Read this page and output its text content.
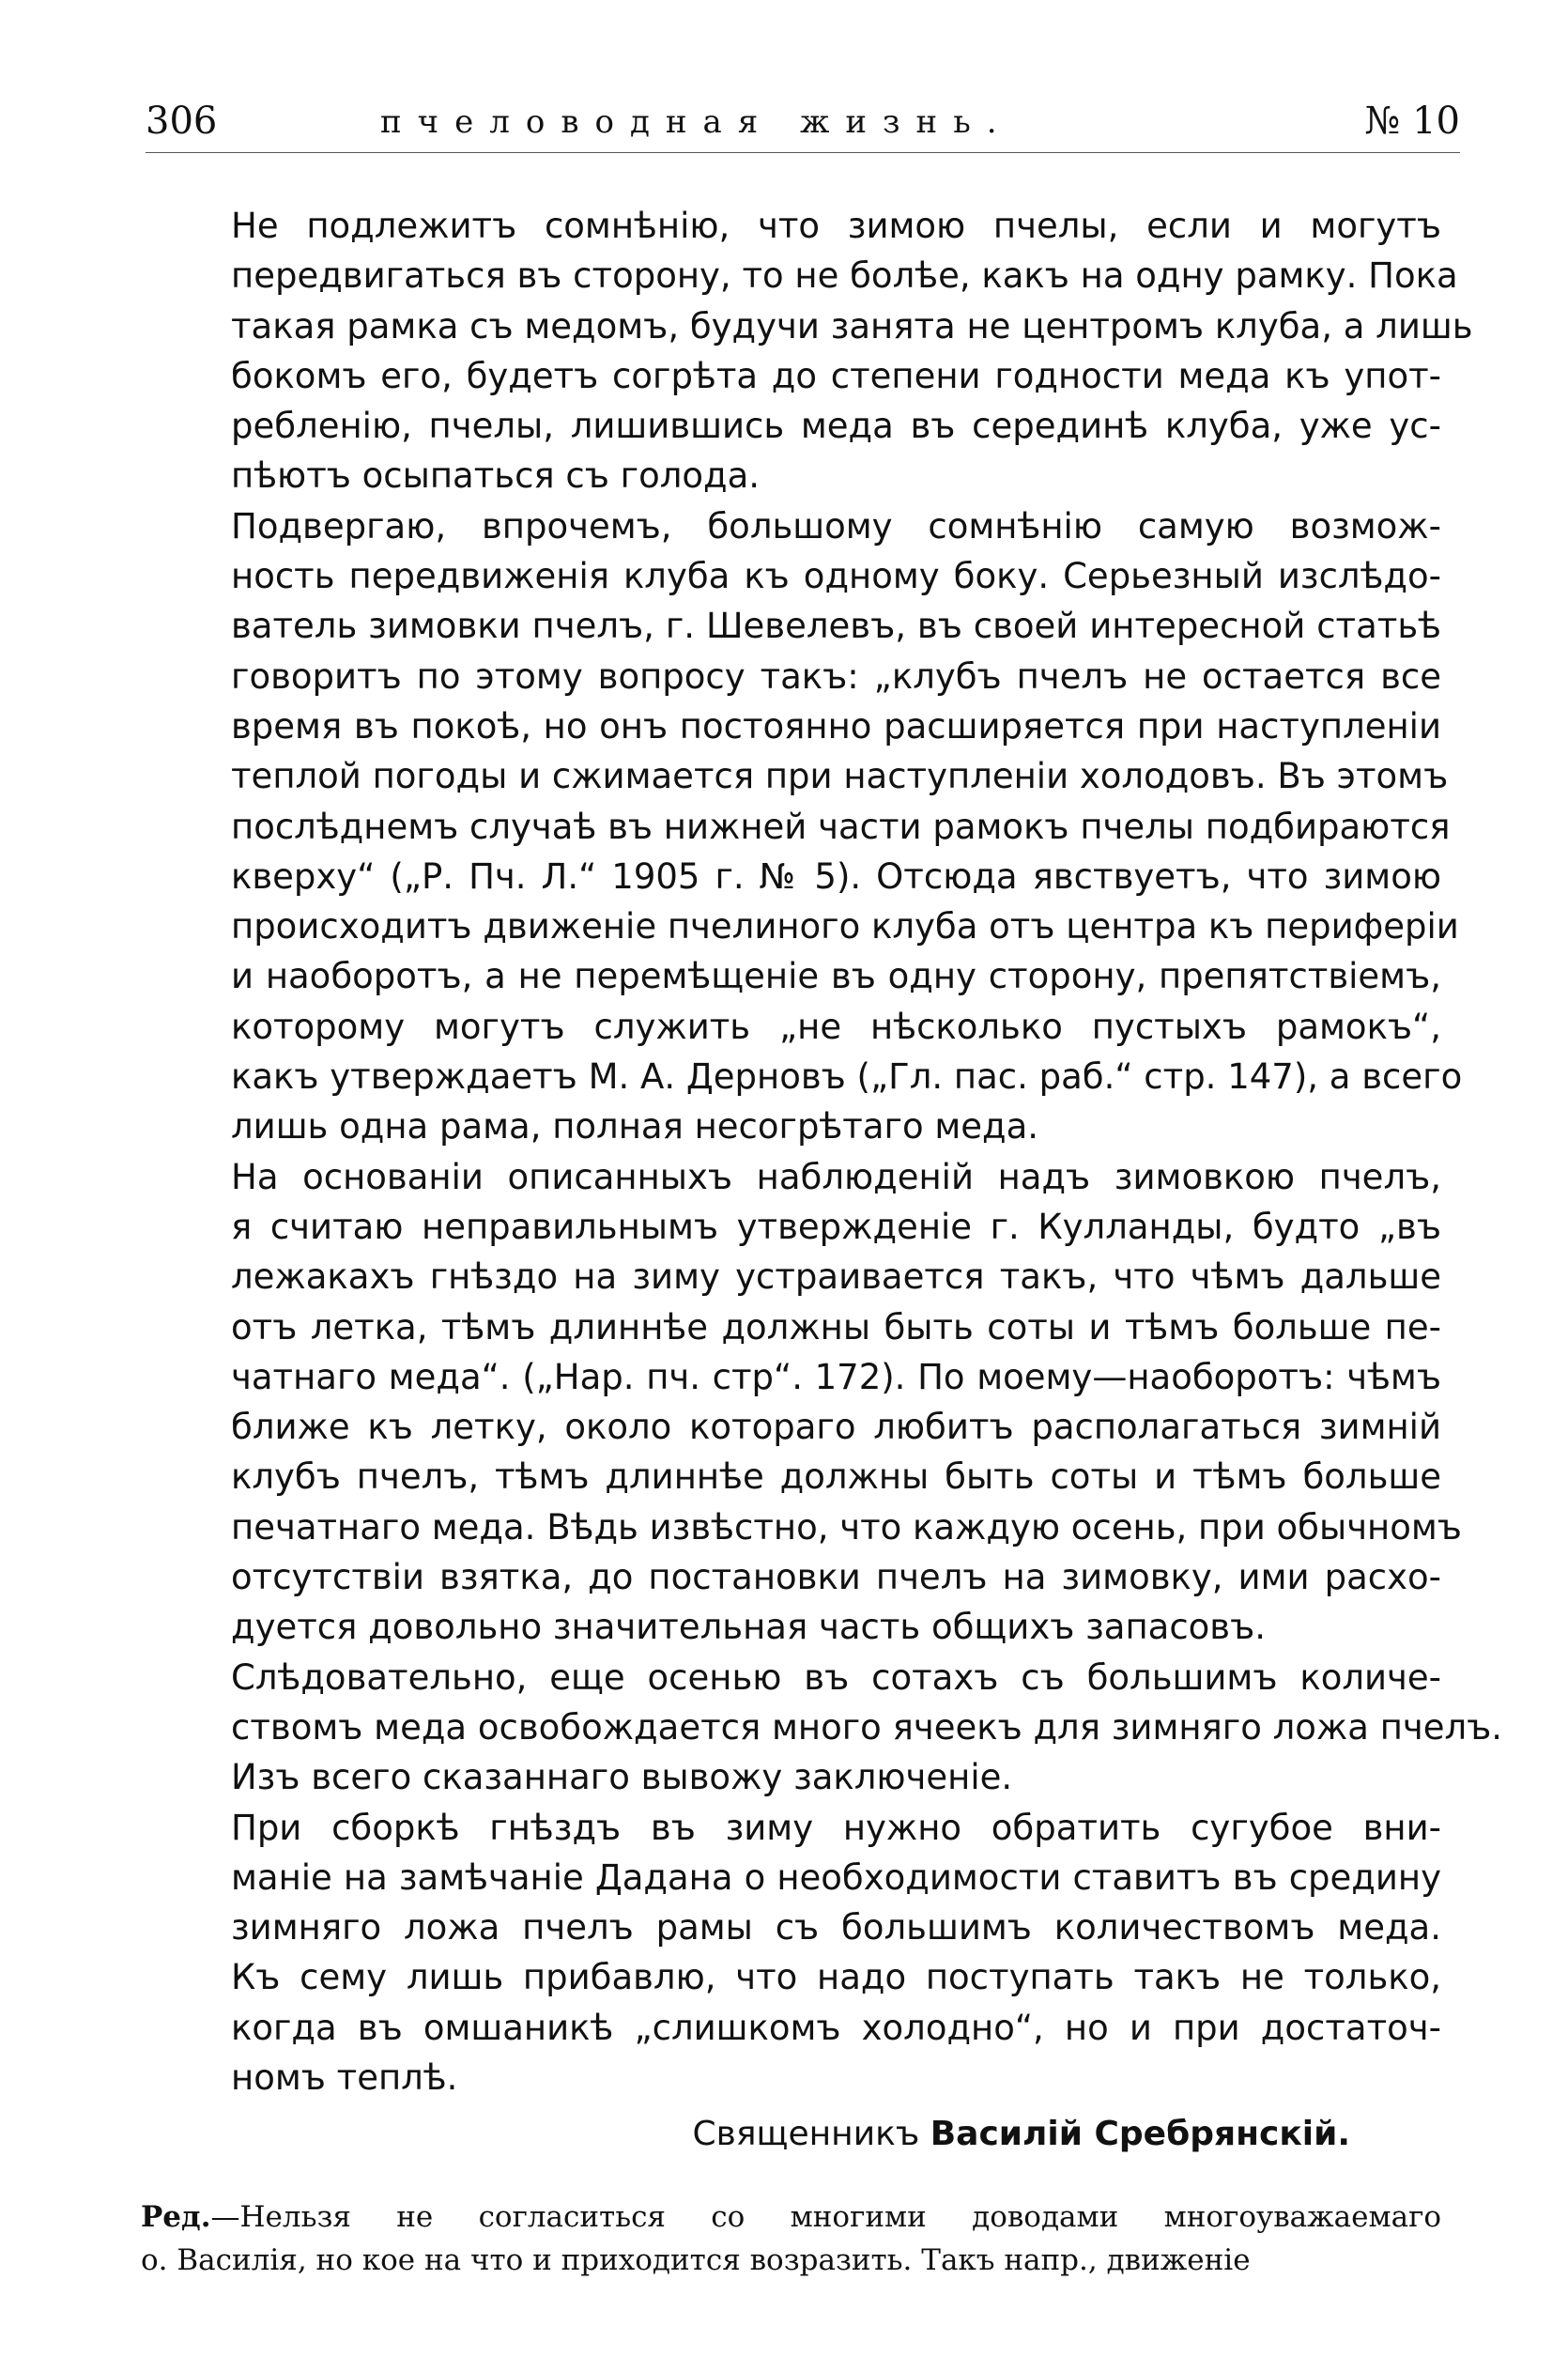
306	пчеловодная жизнь.	№ 10

Не подлежитъ сомнѣнію, что зимою пчелы, если и могутъ
передвигаться въ сторону, то не болѣе, какъ на одну рамку. Пока
такая рамка съ медомъ, будучи занята не центромъ клуба, а лишь
бокомъ его, будетъ согрѣта до степени годности меда къ упот-
ребленію, пчелы, лишившись меда въ серединѣ клуба, уже ус-
пѣютъ осыпаться съ голода.

Подвергаю, впрочемъ, большому сомнѣнію самую возмож-
ность передвиженія клуба къ одному боку. Серьезный изслѣдо-
ватель зимовки пчелъ, г. Шевелевъ, въ своей интересной статьѣ
говоритъ по этому вопросу такъ: „клубъ пчелъ не остается все
время въ покоѣ, но онъ постоянно расширяется при наступленіи
теплой погоды и сжимается при наступленіи холодовъ. Въ этомъ
послѣднемъ случаѣ въ нижней части рамокъ пчелы подбираются
кверху“ („Р. Пч. Л.“ 1905 г. № 5). Отсюда явствуетъ, что зимою
происходитъ движеніе пчелиного клуба отъ центра къ периферіи
и наоборотъ, а не перемѣщеніе въ одну сторону, препятствіемъ,
которому могутъ служить „не нѣсколько пустыхъ рамокъ“,
какъ утверждаетъ М. А. Дерновъ („Гл. пас. раб.“ стр. 147), а всего
лишь одна рама, полная несогрѣтаго меда.

На основаніи описанныхъ наблюденій надъ зимовкою пчелъ,
я считаю неправильнымъ утвержденіе г. Кулланды, будто „въ
лежакахъ гнѣздо на зиму устраивается такъ, что чѣмъ дальше
отъ летка, тѣмъ длиннѣе должны быть соты и тѣмъ больше пе-
чатнаго меда“. („Нар. пч. стр“. 172). По моему—наоборотъ: чѣмъ
ближе къ летку, около котораго любитъ располагаться зимній
клубъ пчелъ, тѣмъ длиннѣе должны быть соты и тѣмъ больше
печатнаго меда. Вѣдь извѣстно, что каждую осень, при обычномъ
отсутствіи взятка, до постановки пчелъ на зимовку, ими расхо-
дуется довольно значительная часть общихъ запасовъ.

Слѣдовательно, еще осенью въ сотахъ съ большимъ количе-
ствомъ меда освобождается много ячеекъ для зимняго ложа пчелъ.

Изъ всего сказаннаго вывожу заключеніе.

При сборкѣ гнѣздъ въ зиму нужно обратить сугубое вни-
маніе на замѣчаніе Дадана о необходимости ставитъ въ средину
зимняго ложа пчелъ рамы съ большимъ количествомъ меда.
Къ сему лишь прибавлю, что надо поступать такъ не только,
когда въ омшаникѣ „слишкомъ холодно“, но и при достаточ-
номъ теплѣ.

Священникъ Василій Сребрянскій.
Ред.—Нельзя не согласиться со многими доводами многоуважаемаго
о. Василія, но кое на что и приходится возразить. Такъ напр., движеніе
